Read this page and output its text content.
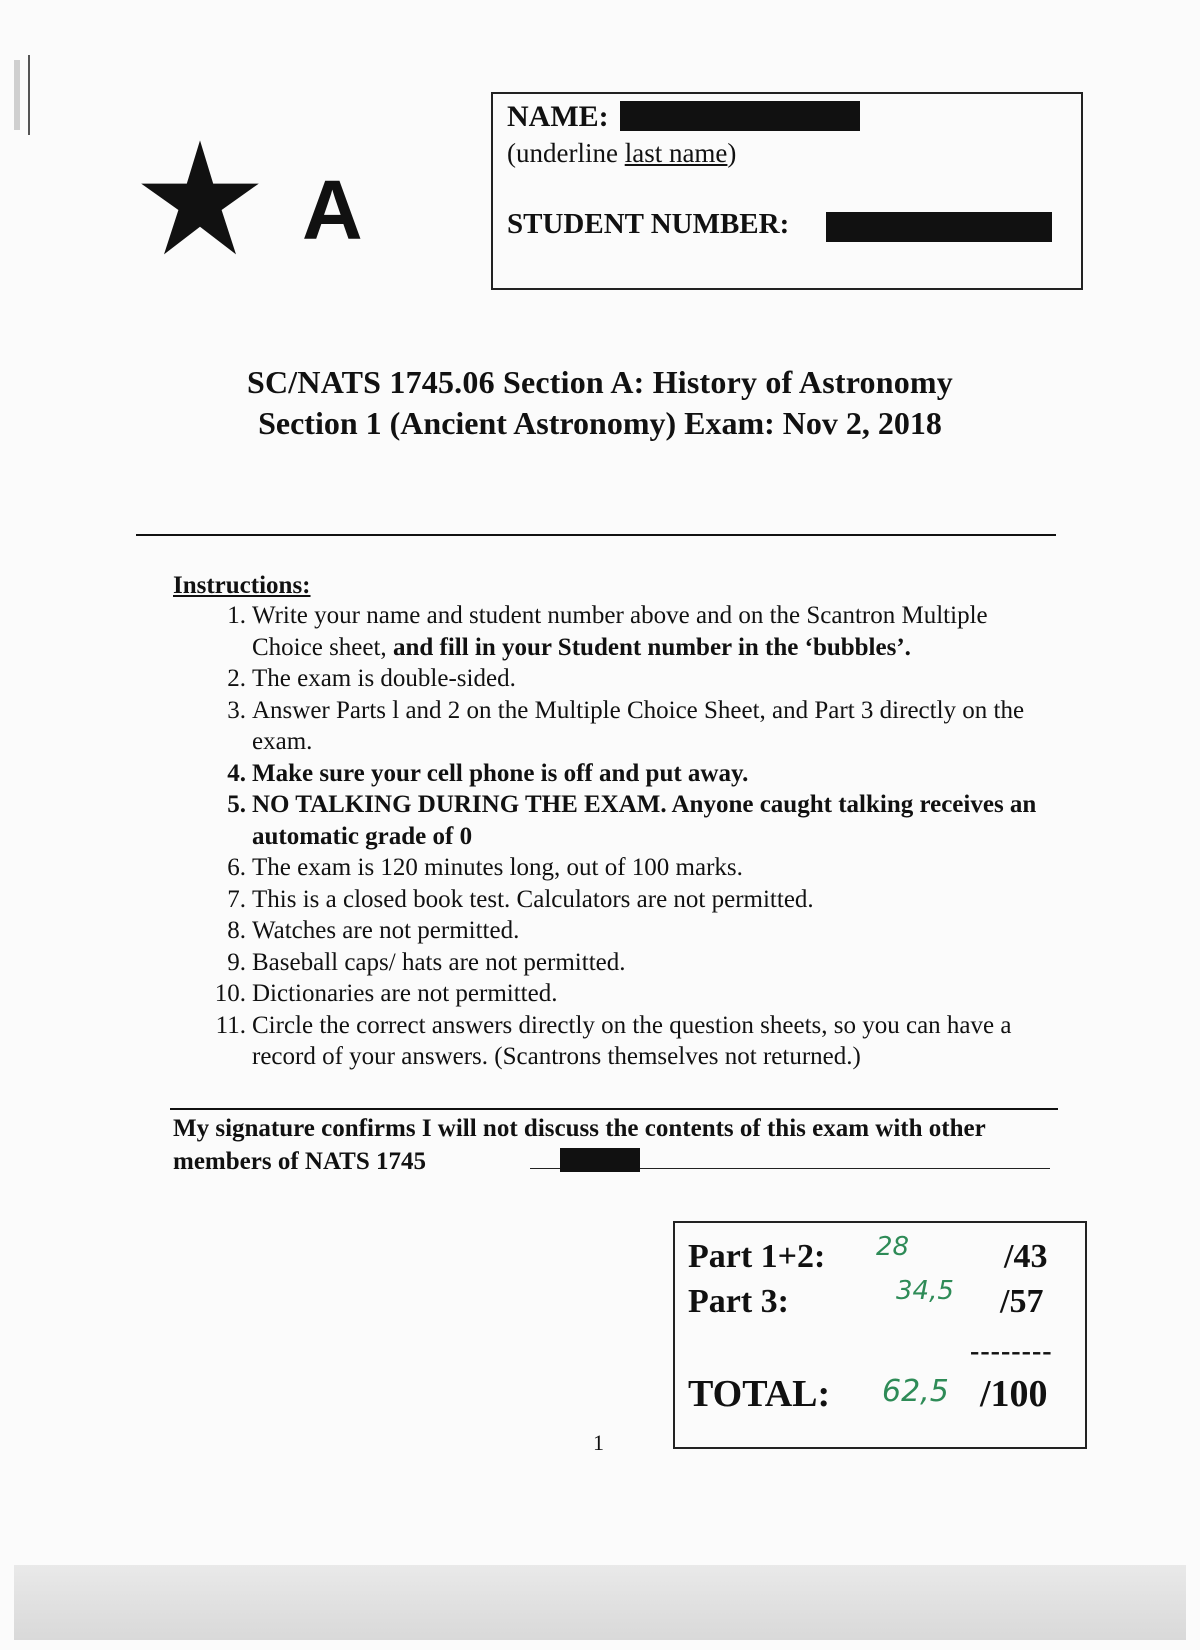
A
NAME:
(underline last name)
STUDENT NUMBER:
SC/NATS 1745.06 Section A: History of Astronomy
Section 1 (Ancient Astronomy) Exam: Nov 2, 2018
Instructions:
1. Write your name and student number above and on the Scantron Multiple Choice sheet, and fill in your Student number in the ‘bubbles’.
2. The exam is double-sided.
3. Answer Parts l and 2 on the Multiple Choice Sheet, and Part 3 directly on the exam.
4. Make sure your cell phone is off and put away.
5. NO TALKING DURING THE EXAM. Anyone caught talking receives an automatic grade of 0
6. The exam is 120 minutes long, out of 100 marks.
7. This is a closed book test. Calculators are not permitted.
8. Watches are not permitted.
9. Baseball caps/ hats are not permitted.
10. Dictionaries are not permitted.
11. Circle the correct answers directly on the question sheets, so you can have a record of your answers. (Scantrons themselves not returned.)
My signature confirms I will not discuss the contents of this exam with other members of NATS 1745
Part 1+2: 28	/43
Part 3:	34,5 /57
--------
TOTAL: 62,5 /100
1
